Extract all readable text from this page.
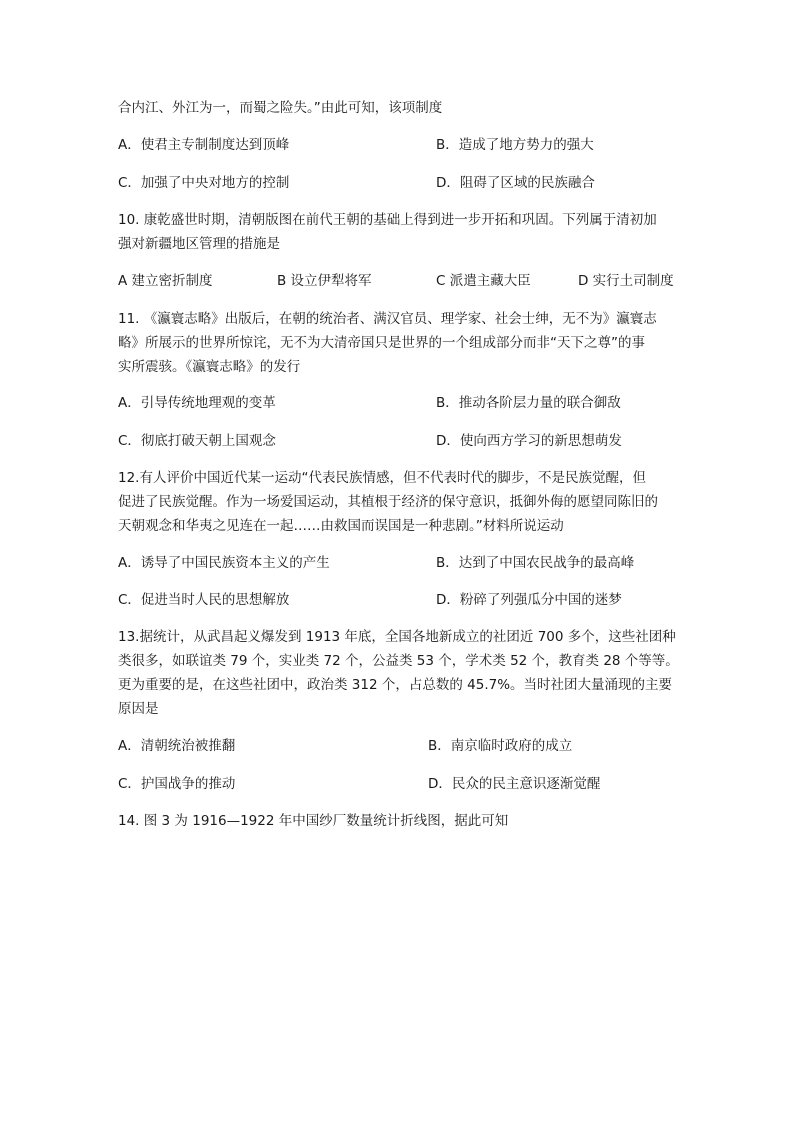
合内江、外江为一，而蜀之险失。”由此可知，该项制度
A．使君主专制制度达到顶峰	B．造成了地方势力的强大
C．加强了中央对地方的控制	D．阻碍了区域的民族融合
10. 康乾盛世时期，清朝版图在前代王朝的基础上得到进一步开拓和巩固。下列属于清初加
强对新疆地区管理的措施是
A 建立密折制度	B 设立伊犁将军	C 派遣主藏大臣	D 实行土司制度
11. 《瀛寰志略》出版后，在朝的统治者、满汉官员、理学家、社会士绅，无不为》瀛寰志
略》所展示的世界所惊诧，无不为大清帝国只是世界的一个组成部分而非“天下之尊”的事
实所震骇。《瀛寰志略》的发行
A．引导传统地理观的变革	B．推动各阶层力量的联合御敌
C．彻底打破天朝上国观念	D．使向西方学习的新思想萌发
12.有人评价中国近代某一运动“代表民族情感，但不代表时代的脚步，不是民族觉醒，但
促进了民族觉醒。作为一场爱国运动，其植根于经济的保守意识，抵御外侮的愿望同陈旧的
天朝观念和华夷之见连在一起……由救国而误国是一种悲剧。”材料所说运动
A．诱导了中国民族资本主义的产生	B．达到了中国农民战争的最高峰
C．促进当时人民的思想解放	D．粉碎了列强瓜分中国的迷梦
13.据统计，从武昌起义爆发到 1913 年底，全国各地新成立的社团近 700 多个，这些社团种
类很多，如联谊类 79 个，实业类 72 个，公益类 53 个，学术类 52 个，教育类 28 个等等。
更为重要的是，在这些社团中，政治类 312 个，占总数的 45.7%。当时社团大量涌现的主要
原因是
A．清朝统治被推翻	B．南京临时政府的成立
C．护国战争的推动	D．民众的民主意识逐渐觉醒
14. 图 3 为 1916—1922 年中国纱厂数量统计折线图，据此可知
